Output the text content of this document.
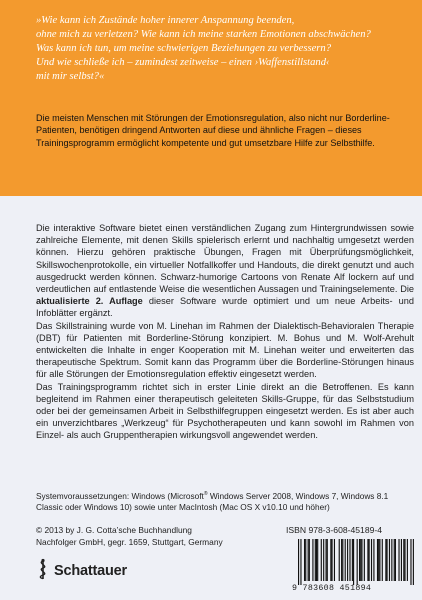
»Wie kann ich Zustände hoher innerer Anspannung beenden,
ohne mich zu verletzen? Wie kann ich meine starken Emotionen abschwächen?
Was kann ich tun, um meine schwierigen Beziehungen zu verbessern?
Und wie schließe ich – zumindest zeitweise – einen ›Waffenstillstand‹
mit mir selbst?«
Die meisten Menschen mit Störungen der Emotionsregulation, also nicht nur Borderline-Patienten, benötigen dringend Antworten auf diese und ähnliche Fragen – dieses Trainingsprogramm ermöglicht kompetente und gut umsetzbare Hilfe zur Selbsthilfe.

Die interaktive Software bietet einen verständlichen Zugang zum Hintergrundwissen sowie zahlreiche Elemente, mit denen Skills spielerisch erlernt und nachhaltig umgesetzt werden können. Hierzu gehören praktische Übungen, Fragen mit Überprüfungsmöglichkeit, Skillswochenprotokolle, ein virtueller Notfallkoffer und Handouts, die direkt genutzt und auch ausgedruckt werden können. Schwarz-humorige Cartoons von Renate Alf lockern auf und verdeutlichen auf entlastende Weise die wesentlichen Aussagen und Trainingselemente. Die aktualisierte 2. Auflage dieser Software wurde optimiert und um neue Arbeits- und Infoblätter ergänzt.

Das Skillstraining wurde von M. Linehan im Rahmen der Dialektisch-Behavioralen Therapie (DBT) für Patienten mit Borderline-Störung konzipiert. M. Bohus und M. Wolf-Arehult entwickelten die Inhalte in enger Kooperation mit M. Linehan weiter und erweiterten das therapeutische Spektrum. Somit kann das Programm über die Borderline-Störungen hinaus für alle Störungen der Emotionsregulation effektiv eingesetzt werden.

Das Trainingsprogramm richtet sich in erster Linie direkt an die Betroffenen. Es kann begleitend im Rahmen einer therapeutisch geleiteten Skills-Gruppe, für das Selbststudium oder bei der gemeinsamen Arbeit in Selbsthilfegruppen eingesetzt werden. Es ist aber auch ein unverzichtbares „Werkzeug“ für Psychotherapeuten und kann sowohl im Rahmen von Einzel- als auch Gruppentherapien wirkungsvoll angewendet werden.

Systemvoraussetzungen: Windows (Microsoft® Windows Server 2008, Windows 7, Windows 8.1 Classic oder Windows 10) sowie unter MacIntosh (Mac OS X v10.10 und höher)
© 2013 by J. G. Cotta’sche Buchhandlung
Nachfolger GmbH, gegr. 1659, Stuttgart, Germany
ISBN 978-3-608-45189-4
Schattauer
9 783608 451894
